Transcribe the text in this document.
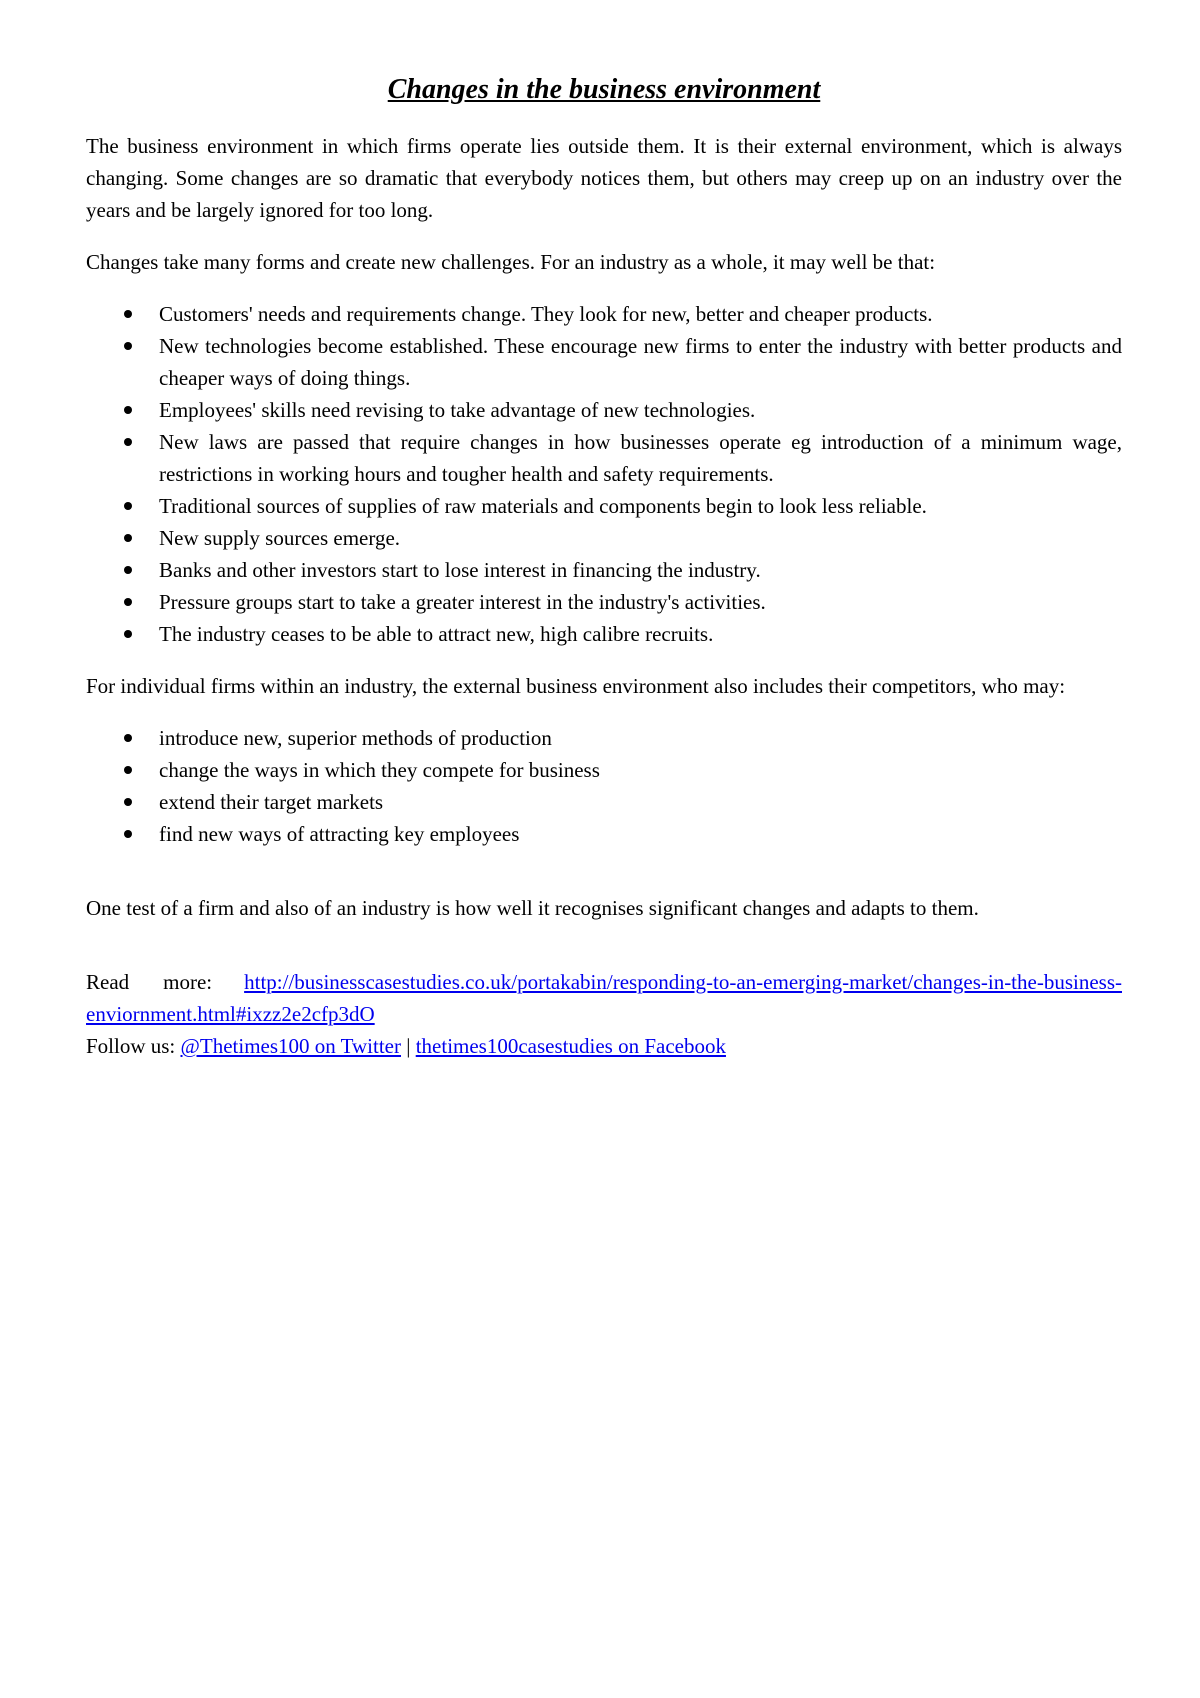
Changes in the business environment

The business environment in which firms operate lies outside them. It is their external environment, which is always changing. Some changes are so dramatic that everybody notices them, but others may creep up on an industry over the years and be largely ignored for too long.

Changes take many forms and create new challenges. For an industry as a whole, it may well be that:

Customers' needs and requirements change. They look for new, better and cheaper products.
New technologies become established. These encourage new firms to enter the industry with better products and cheaper ways of doing things.
Employees' skills need revising to take advantage of new technologies.
New laws are passed that require changes in how businesses operate eg introduction of a minimum wage, restrictions in working hours and tougher health and safety requirements.
Traditional sources of supplies of raw materials and components begin to look less reliable.
New supply sources emerge.
Banks and other investors start to lose interest in financing the industry.
Pressure groups start to take a greater interest in the industry's activities.
The industry ceases to be able to attract new, high calibre recruits.

For individual firms within an industry, the external business environment also includes their competitors, who may:

introduce new, superior methods of production
change the ways in which they compete for business
extend their target markets
find new ways of attracting key employees

One test of a firm and also of an industry is how well it recognises significant changes and adapts to them.

Read more: http://businesscasestudies.co.uk/portakabin/responding-to-an-emerging-market/changes-in-the-business-enviornment.html#ixzz2e2cfp3dO

Follow us: @Thetimes100 on Twitter | thetimes100casestudies on Facebook
